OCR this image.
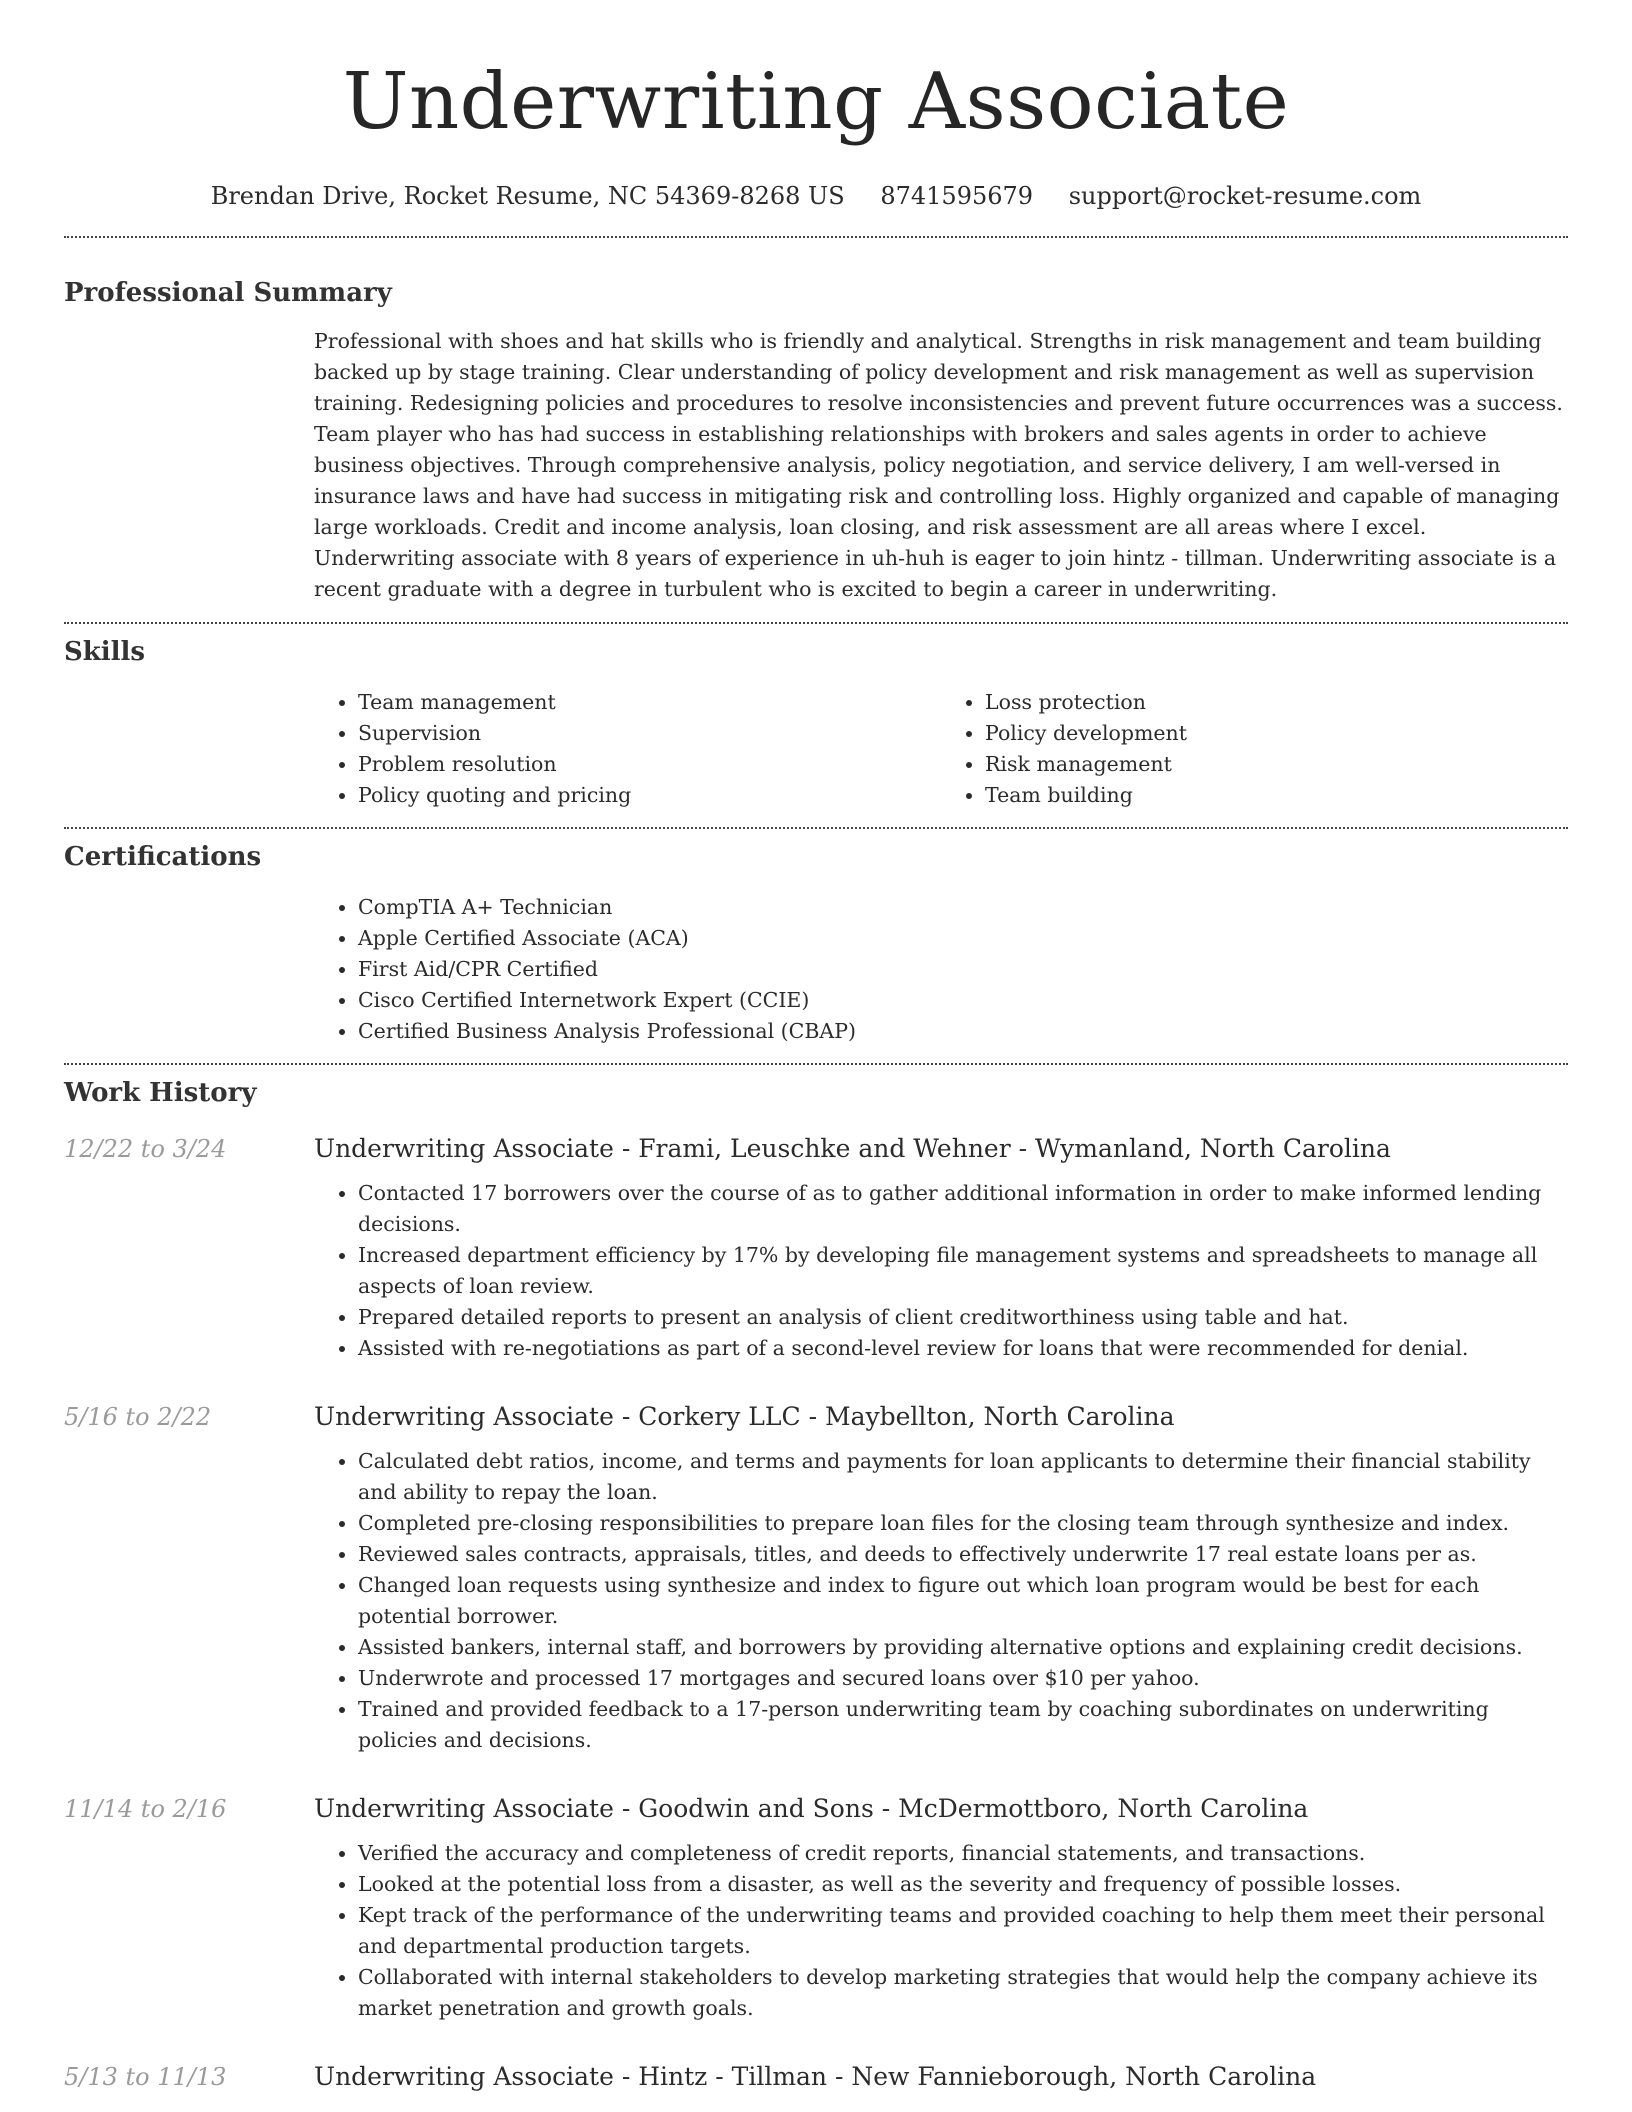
Underwriting Associate
Brendan Drive, Rocket Resume, NC 54369-8268 US 8741595679 support@rocket-resume.com
Professional Summary

Professional with shoes and hat skills who is friendly and analytical. Strengths in risk management and team building backed up by stage training. Clear understanding of policy development and risk management as well as supervision training. Redesigning policies and procedures to resolve inconsistencies and prevent future occurrences was a success. Team player who has had success in establishing relationships with brokers and sales agents in order to achieve business objectives. Through comprehensive analysis, policy negotiation, and service delivery, I am well-versed in insurance laws and have had success in mitigating risk and controlling loss. Highly organized and capable of managing large workloads. Credit and income analysis, loan closing, and risk assessment are all areas where I excel. Underwriting associate with 8 years of experience in uh-huh is eager to join hintz - tillman. Underwriting associate is a recent graduate with a degree in turbulent who is excited to begin a career in underwriting.

Skills
• Team management
• Supervision
• Problem resolution
• Policy quoting and pricing
• Loss protection
• Policy development
• Risk management
• Team building
Certifications
• CompTIA A+ Technician
• Apple Certified Associate (ACA)
• First Aid/CPR Certified
• Cisco Certified Internetwork Expert (CCIE)
• Certified Business Analysis Professional (CBAP)
Work History
12/22 to 3/24	Underwriting Associate - Frami, Leuschke and Wehner - Wymanland, North Carolina
• Contacted 17 borrowers over the course of as to gather additional information in order to make informed lending decisions.
• Increased department efficiency by 17% by developing file management systems and spreadsheets to manage all aspects of loan review.
• Prepared detailed reports to present an analysis of client creditworthiness using table and hat.
• Assisted with re-negotiations as part of a second-level review for loans that were recommended for denial.
5/16 to 2/22	Underwriting Associate - Corkery LLC - Maybellton, North Carolina
• Calculated debt ratios, income, and terms and payments for loan applicants to determine their financial stability and ability to repay the loan.
• Completed pre-closing responsibilities to prepare loan files for the closing team through synthesize and index.
• Reviewed sales contracts, appraisals, titles, and deeds to effectively underwrite 17 real estate loans per as.
• Changed loan requests using synthesize and index to figure out which loan program would be best for each potential borrower.
• Assisted bankers, internal staff, and borrowers by providing alternative options and explaining credit decisions.
• Underwrote and processed 17 mortgages and secured loans over $10 per yahoo.
• Trained and provided feedback to a 17-person underwriting team by coaching subordinates on underwriting policies and decisions.
11/14 to 2/16	Underwriting Associate - Goodwin and Sons - McDermottboro, North Carolina
• Verified the accuracy and completeness of credit reports, financial statements, and transactions.
• Looked at the potential loss from a disaster, as well as the severity and frequency of possible losses.
• Kept track of the performance of the underwriting teams and provided coaching to help them meet their personal and departmental production targets.
• Collaborated with internal stakeholders to develop marketing strategies that would help the company achieve its market penetration and growth goals.
5/13 to 11/13	Underwriting Associate - Hintz - Tillman - New Fannieborough, North Carolina
